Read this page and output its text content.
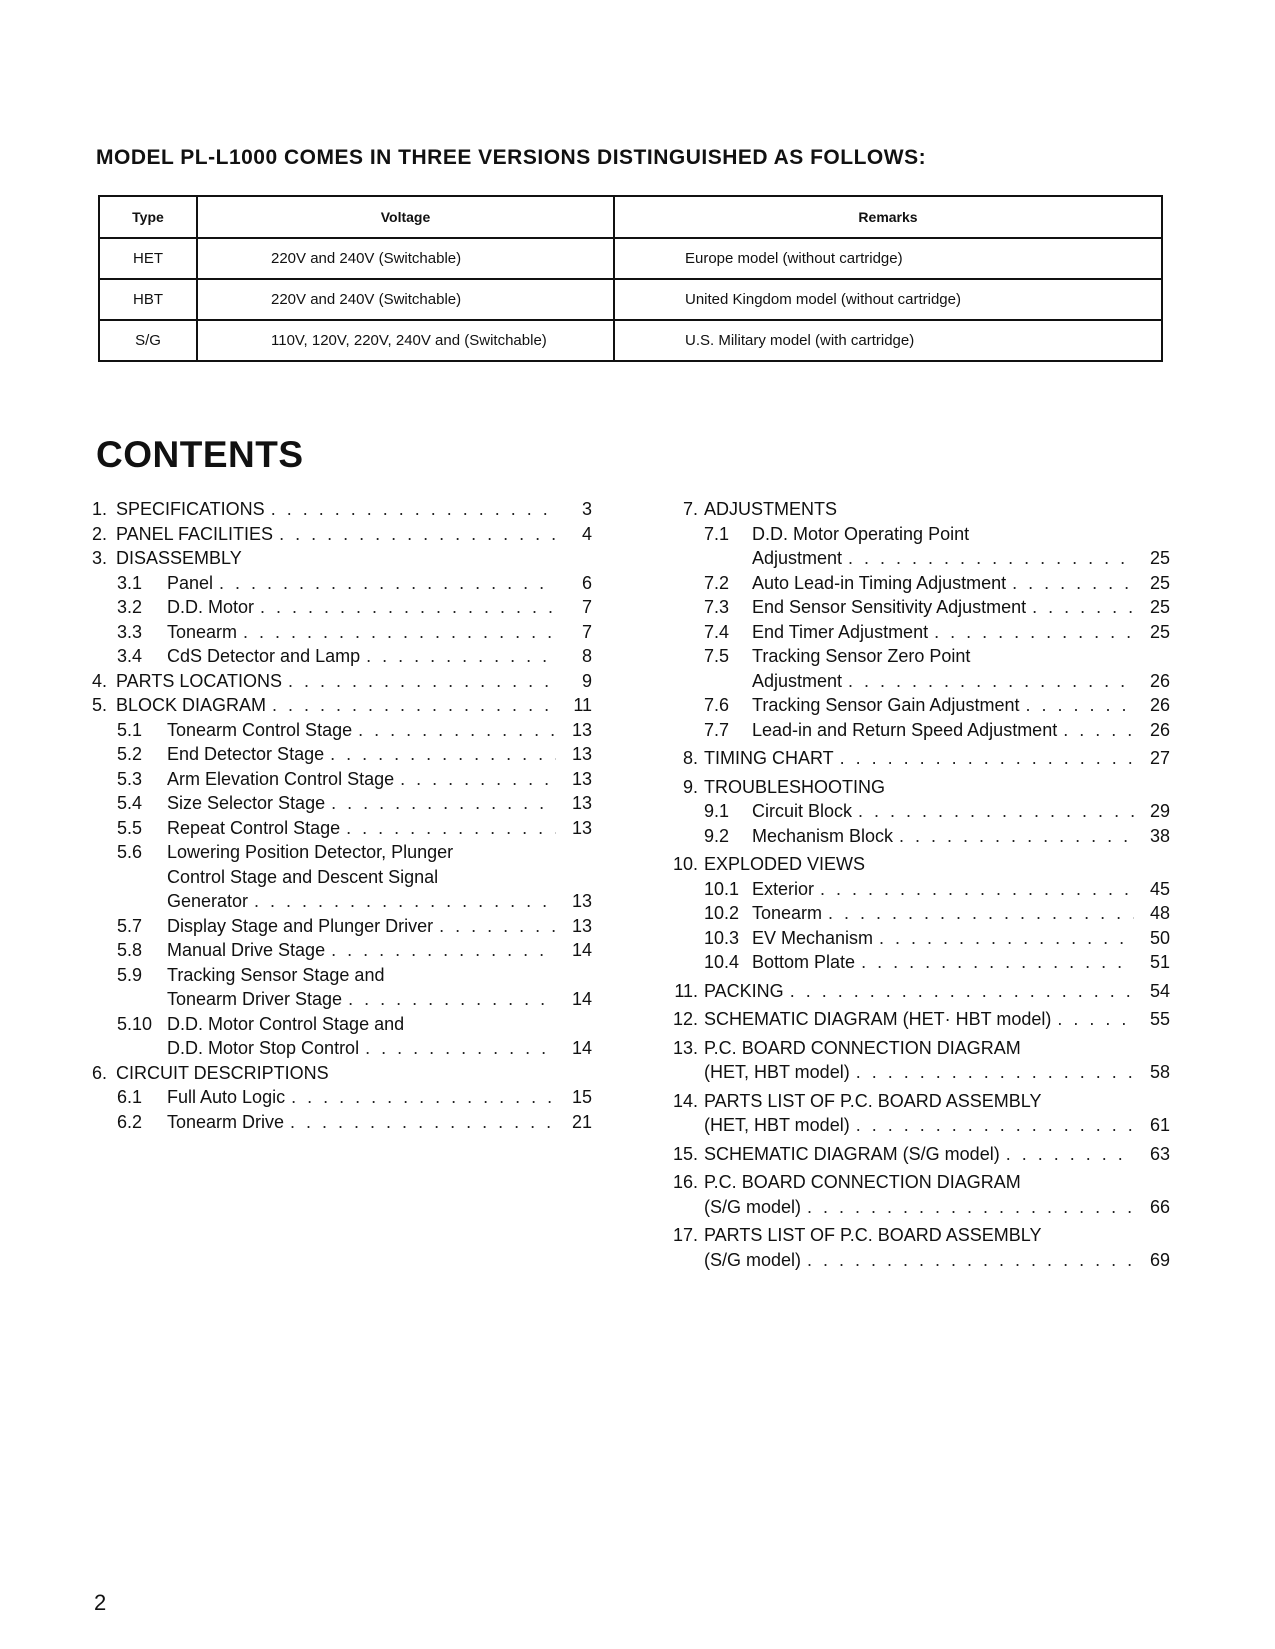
MODEL PL-L1000 COMES IN THREE VERSIONS DISTINGUISHED AS FOLLOWS:
Type	Voltage	Remarks
HET	220V and 240V (Switchable)	Europe model (without cartridge)
HBT	220V and 240V (Switchable)	United Kingdom model (without cartridge)
S/G	110V, 120V, 220V, 240V and (Switchable)	U.S. Military model (with cartridge)
CONTENTS
1. SPECIFICATIONS . . .	3
2. PANEL FACILITIES . . .	4
3. DISASSEMBLY
3.1	Panel . . .	6
3.2	D.D. Motor . . .	7
3.3	Tonearm . . .	7
3.4	CdS Detector and Lamp . . .	8
4. PARTS LOCATIONS . . .	9
5. BLOCK DIAGRAM . . .	11
5.1	Tonearm Control Stage . . .	13
5.2	End Detector Stage . . .	13
5.3	Arm Elevation Control Stage . . .	13
5.4	Size Selector Stage . . .	13
5.5	Repeat Control Stage . . .	13
5.6	Lowering Position Detector, Plunger
Control Stage and Descent Signal
Generator . . .	13
5.7	Display Stage and Plunger Driver . . .	13
5.8	Manual Drive Stage . . .	14
5.9	Tracking Sensor Stage and
Tonearm Driver Stage . . .	14
5.10 D.D. Motor Control Stage and
D.D. Motor Stop Control . . .	14
6. CIRCUIT DESCRIPTIONS
6.1	Full Auto Logic . . .	15
6.2	Tonearm Drive . . .	21
7. ADJUSTMENTS
7.1	D.D. Motor Operating Point
Adjustment . . .	25
7.2	Auto Lead-in Timing Adjustment . . .	25
7.3	End Sensor Sensitivity Adjustment . . .	25
7.4	End Timer Adjustment . . .	25
7.5	Tracking Sensor Zero Point
Adjustment . . .	26
7.6	Tracking Sensor Gain Adjustment . . .	26
7.7	Lead-in and Return Speed Adjustment . . .	26
8. TIMING CHART . . .	27
9. TROUBLESHOOTING
9.1	Circuit Block . . .	29
9.2	Mechanism Block . . .	38
10. EXPLODED VIEWS
10.1 Exterior . . .	45
10.2 Tonearm . . .	48
10.3 EV Mechanism . . .	50
10.4 Bottom Plate . . .	51
11. PACKING . . .	54
12. SCHEMATIC DIAGRAM (HET· HBT model) . . .	55
13. P.C. BOARD CONNECTION DIAGRAM
(HET, HBT model) . . .	58
14. PARTS LIST OF P.C. BOARD ASSEMBLY
(HET, HBT model) . . .	61
15. SCHEMATIC DIAGRAM (S/G model) . . .	63
16. P.C. BOARD CONNECTION DIAGRAM
(S/G model) . . .	66
17. PARTS LIST OF P.C. BOARD ASSEMBLY
(S/G model) . . .	69
2
